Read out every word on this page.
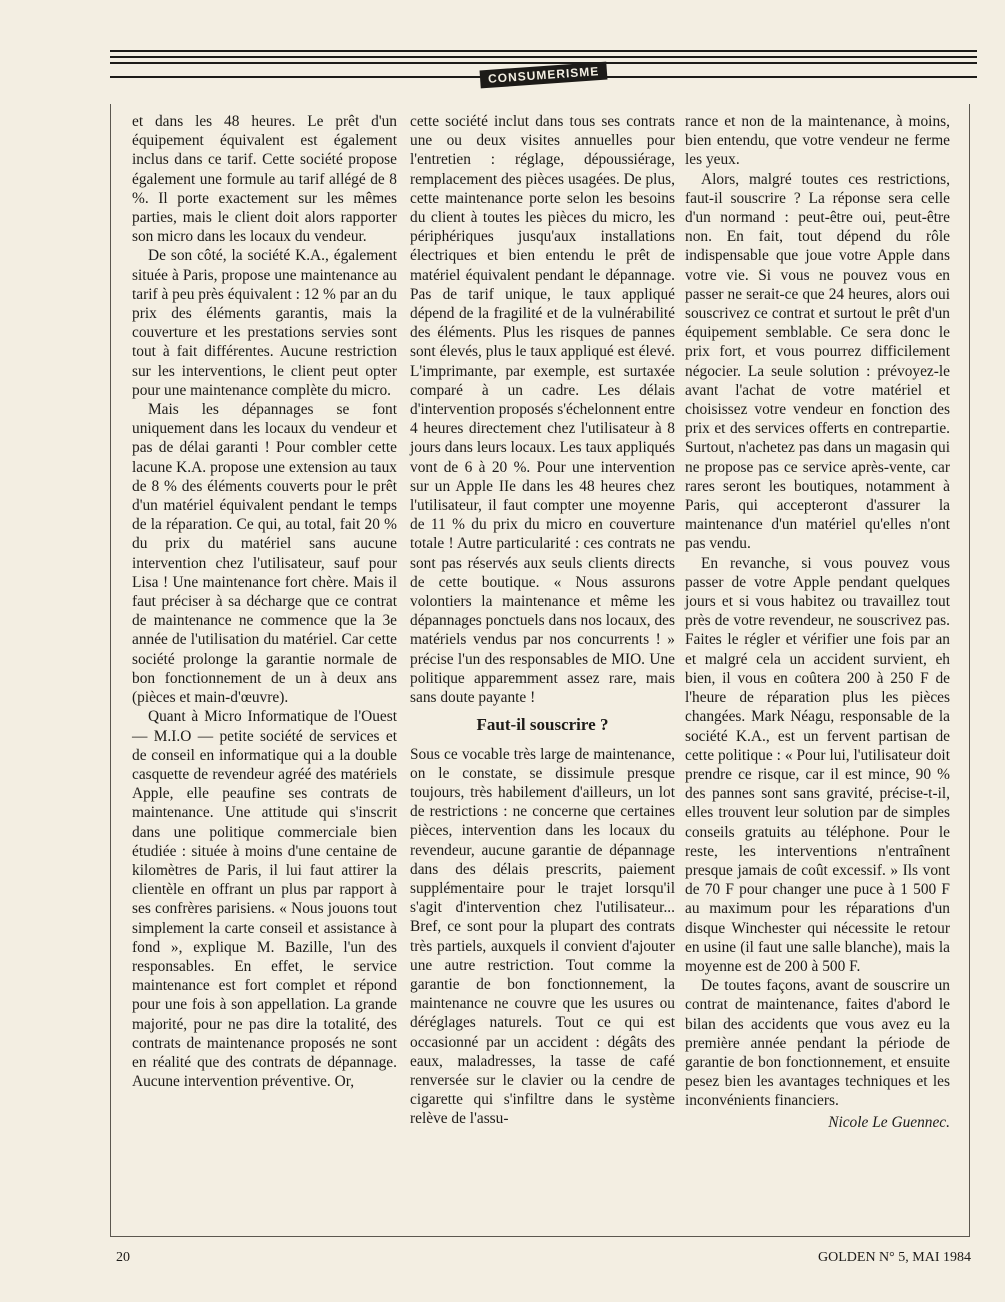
CONSUMERISME

et dans les 48 heures. Le prêt d'un équipement équivalent est également inclus dans ce tarif. Cette société propose également une formule au tarif allégé de 8 %. Il porte exactement sur les mêmes parties, mais le client doit alors rapporter son micro dans les locaux du vendeur.

De son côté, la société K.A., également située à Paris, propose une maintenance au tarif à peu près équivalent : 12 % par an du prix des éléments garantis, mais la couverture et les prestations servies sont tout à fait différentes. Aucune restriction sur les interventions, le client peut opter pour une maintenance complète du micro.

Mais les dépannages se font uniquement dans les locaux du vendeur et pas de délai garanti ! Pour combler cette lacune K.A. propose une extension au taux de 8 % des éléments couverts pour le prêt d'un matériel équivalent pendant le temps de la réparation. Ce qui, au total, fait 20 % du prix du matériel sans aucune intervention chez l'utilisateur, sauf pour Lisa ! Une maintenance fort chère. Mais il faut préciser à sa décharge que ce contrat de maintenance ne commence que la 3e année de l'utilisation du matériel. Car cette société prolonge la garantie normale de bon fonctionnement de un à deux ans (pièces et main-d'œuvre).

Quant à Micro Informatique de l'Ouest — M.I.O — petite société de services et de conseil en informatique qui a la double casquette de revendeur agréé des matériels Apple, elle peaufine ses contrats de maintenance. Une attitude qui s'inscrit dans une politique commerciale bien étudiée : située à moins d'une centaine de kilomètres de Paris, il lui faut attirer la clientèle en offrant un plus par rapport à ses confrères parisiens. « Nous jouons tout simplement la carte conseil et assistance à fond », explique M. Bazille, l'un des responsables. En effet, le service maintenance est fort complet et répond pour une fois à son appellation. La grande majorité, pour ne pas dire la totalité, des contrats de maintenance proposés ne sont en réalité que des contrats de dépannage. Aucune intervention préventive. Or,

cette société inclut dans tous ses contrats une ou deux visites annuelles pour l'entretien : réglage, dépoussiérage, remplacement des pièces usagées. De plus, cette maintenance porte selon les besoins du client à toutes les pièces du micro, les périphériques jusqu'aux installations électriques et bien entendu le prêt de matériel équivalent pendant le dépannage. Pas de tarif unique, le taux appliqué dépend de la fragilité et de la vulnérabilité des éléments. Plus les risques de pannes sont élevés, plus le taux appliqué est élevé. L'imprimante, par exemple, est surtaxée comparé à un cadre. Les délais d'intervention proposés s'échelonnent entre 4 heures directement chez l'utilisateur à 8 jours dans leurs locaux. Les taux appliqués vont de 6 à 20 %. Pour une intervention sur un Apple IIe dans les 48 heures chez l'utilisateur, il faut compter une moyenne de 11 % du prix du micro en couverture totale ! Autre particularité : ces contrats ne sont pas réservés aux seuls clients directs de cette boutique. « Nous assurons volontiers la maintenance et même les dépannages ponctuels dans nos locaux, des matériels vendus par nos concurrents ! » précise l'un des responsables de MIO. Une politique apparemment assez rare, mais sans doute payante !

Faut-il souscrire ?

Sous ce vocable très large de maintenance, on le constate, se dissimule presque toujours, très habilement d'ailleurs, un lot de restrictions : ne concerne que certaines pièces, intervention dans les locaux du revendeur, aucune garantie de dépannage dans des délais prescrits, paiement supplémentaire pour le trajet lorsqu'il s'agit d'intervention chez l'utilisateur... Bref, ce sont pour la plupart des contrats très partiels, auxquels il convient d'ajouter une autre restriction. Tout comme la garantie de bon fonctionnement, la maintenance ne couvre que les usures ou déréglages naturels. Tout ce qui est occasionné par un accident : dégâts des eaux, maladresses, la tasse de café renversée sur le clavier ou la cendre de cigarette qui s'infiltre dans le système relève de l'assu-

rance et non de la maintenance, à moins, bien entendu, que votre vendeur ne ferme les yeux.

Alors, malgré toutes ces restrictions, faut-il souscrire ? La réponse sera celle d'un normand : peut-être oui, peut-être non. En fait, tout dépend du rôle indispensable que joue votre Apple dans votre vie. Si vous ne pouvez vous en passer ne serait-ce que 24 heures, alors oui souscrivez ce contrat et surtout le prêt d'un équipement semblable. Ce sera donc le prix fort, et vous pourrez difficilement négocier. La seule solution : prévoyez-le avant l'achat de votre matériel et choisissez votre vendeur en fonction des prix et des services offerts en contrepartie. Surtout, n'achetez pas dans un magasin qui ne propose pas ce service après-vente, car rares seront les boutiques, notamment à Paris, qui accepteront d'assurer la maintenance d'un matériel qu'elles n'ont pas vendu.

En revanche, si vous pouvez vous passer de votre Apple pendant quelques jours et si vous habitez ou travaillez tout près de votre revendeur, ne souscrivez pas. Faites le régler et vérifier une fois par an et malgré cela un accident survient, eh bien, il vous en coûtera 200 à 250 F de l'heure de réparation plus les pièces changées. Mark Néagu, responsable de la société K.A., est un fervent partisan de cette politique : « Pour lui, l'utilisateur doit prendre ce risque, car il est mince, 90 % des pannes sont sans gravité, précise-t-il, elles trouvent leur solution par de simples conseils gratuits au téléphone. Pour le reste, les interventions n'entraînent presque jamais de coût excessif. » Ils vont de 70 F pour changer une puce à 1 500 F au maximum pour les réparations d'un disque Winchester qui nécessite le retour en usine (il faut une salle blanche), mais la moyenne est de 200 à 500 F.

De toutes façons, avant de souscrire un contrat de maintenance, faites d'abord le bilan des accidents que vous avez eu la première année pendant la période de garantie de bon fonctionnement, et ensuite pesez bien les avantages techniques et les inconvénients financiers.

Nicole Le Guennec.

20	GOLDEN N° 5, MAI 1984
